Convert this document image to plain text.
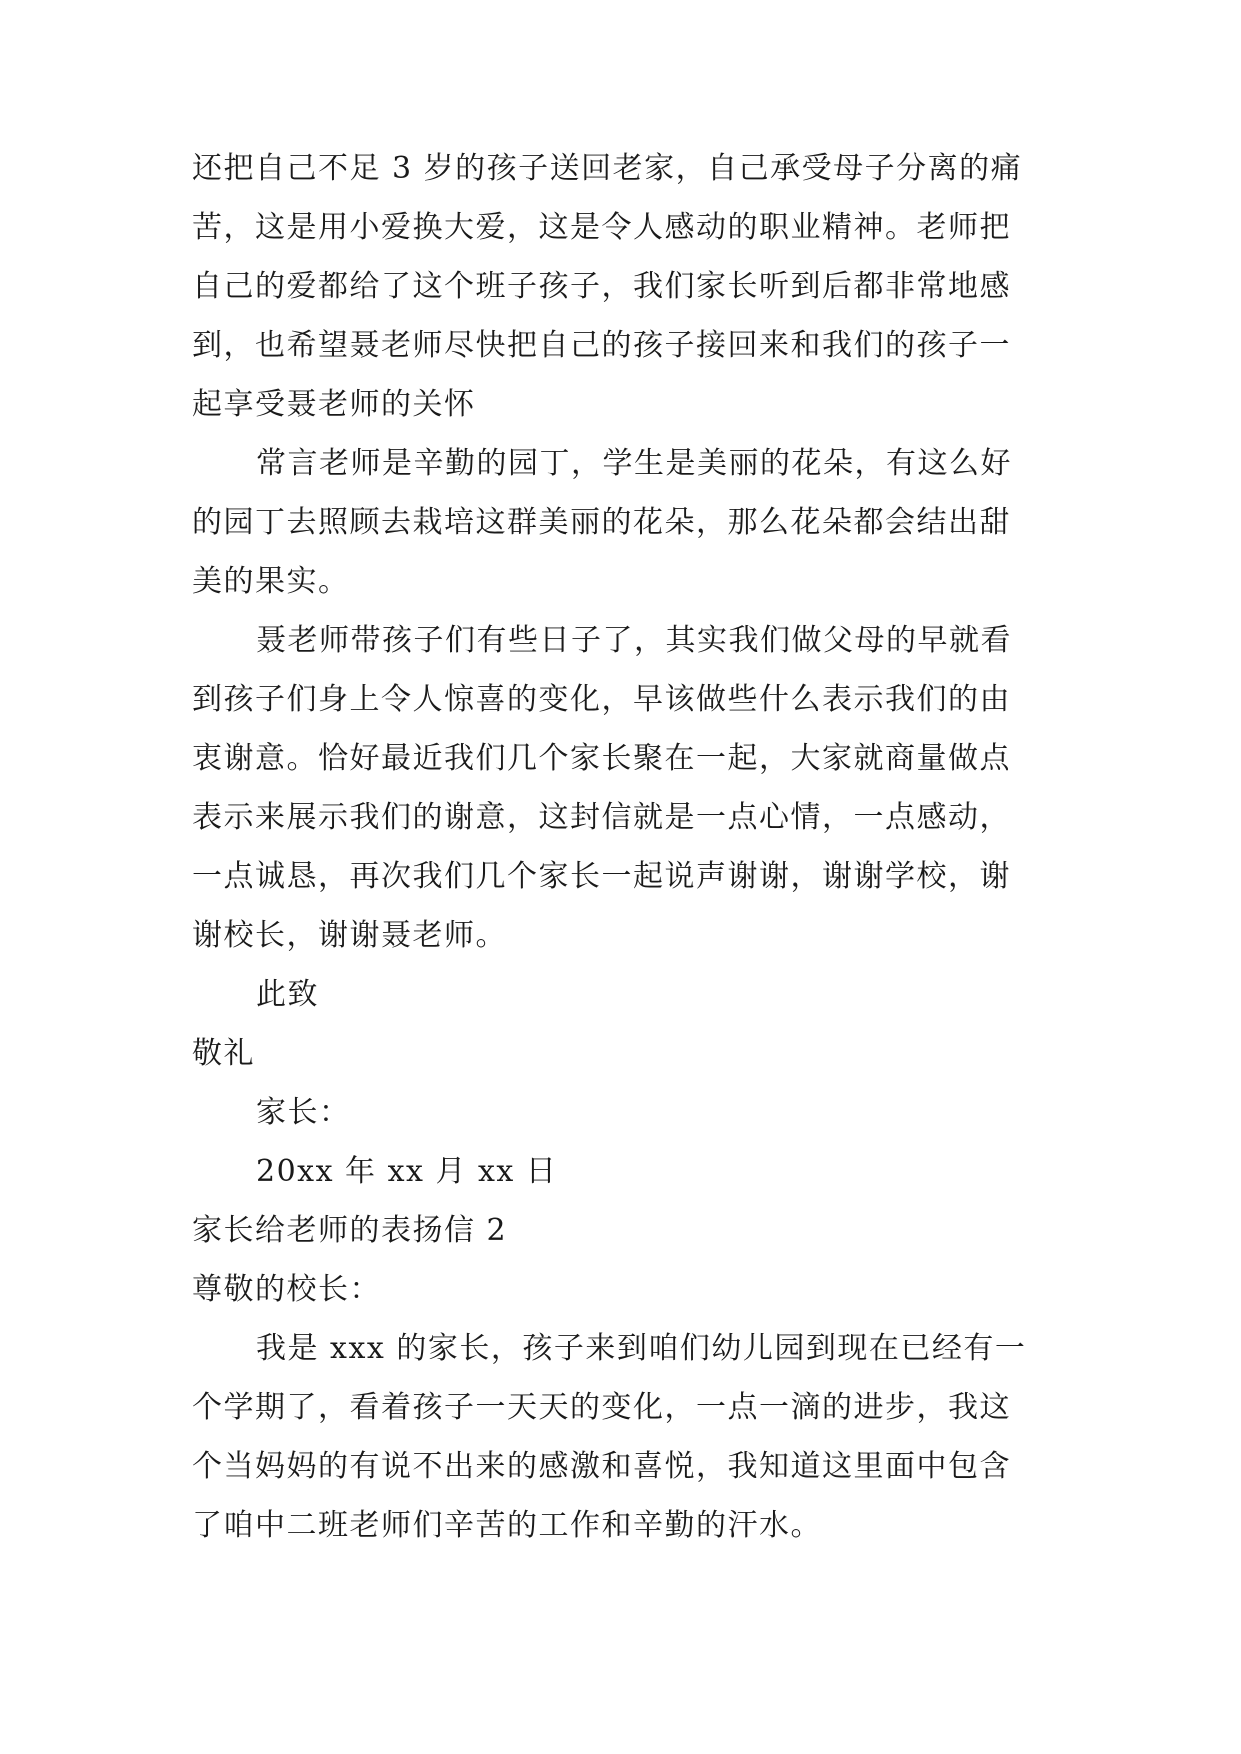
还把自己不足 3 岁的孩子送回老家，自己承受母子分离的痛
苦，这是用小爱换大爱，这是令人感动的职业精神。老师把
自己的爱都给了这个班子孩子，我们家长听到后都非常地感
到，也希望聂老师尽快把自己的孩子接回来和我们的孩子一
起享受聂老师的关怀
常言老师是辛勤的园丁，学生是美丽的花朵，有这么好
的园丁去照顾去栽培这群美丽的花朵，那么花朵都会结出甜
美的果实。
聂老师带孩子们有些日子了，其实我们做父母的早就看
到孩子们身上令人惊喜的变化，早该做些什么表示我们的由
衷谢意。恰好最近我们几个家长聚在一起，大家就商量做点
表示来展示我们的谢意，这封信就是一点心情，一点感动，
一点诚恳，再次我们几个家长一起说声谢谢，谢谢学校，谢
谢校长，谢谢聂老师。
此致
敬礼
家长：
20xx 年 xx 月 xx 日
家长给老师的表扬信 2
尊敬的校长：
我是 xxx 的家长，孩子来到咱们幼儿园到现在已经有一
个学期了，看着孩子一天天的变化，一点一滴的进步，我这
个当妈妈的有说不出来的感激和喜悦，我知道这里面中包含
了咱中二班老师们辛苦的工作和辛勤的汗水。
